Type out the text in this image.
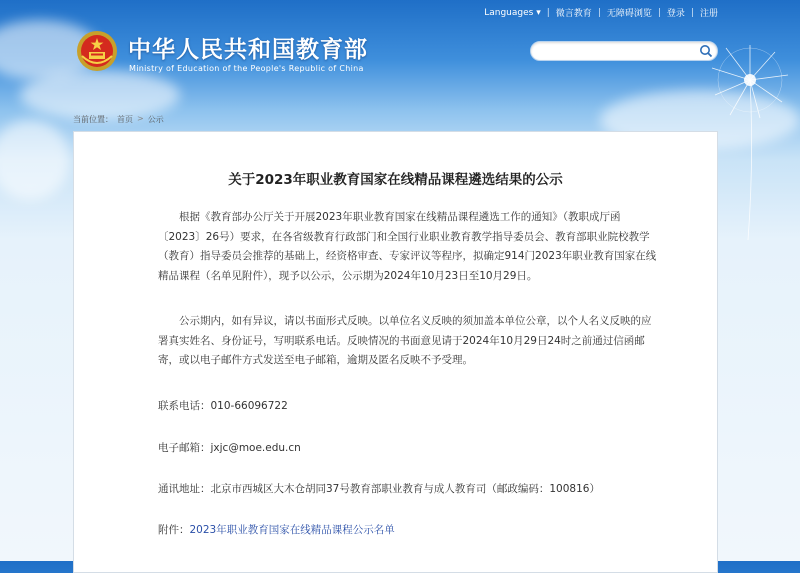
Languages ▾ | 微言教育 | 无障碍浏览 | 登录 | 注册
中华人民共和国教育部
Ministry of Education of the People's Republic of China
当前位置： 首页 > 公示
关于2023年职业教育国家在线精品课程遴选结果的公示

根据《教育部办公厅关于开展2023年职业教育国家在线精品课程遴选工作的通知》（教职成厅函〔2023〕26号）要求，在各省级教育行政部门和全国行业职业教育教学指导委员会、教育部职业院校教学（教育）指导委员会推荐的基础上，经资格审查、专家评议等程序，拟确定914门2023年职业教育国家在线精品课程（名单见附件），现予以公示，公示期为2024年10月23日至10月29日。

公示期内，如有异议，请以书面形式反映。以单位名义反映的须加盖本单位公章，以个人名义反映的应署真实姓名、身份证号，写明联系电话。反映情况的书面意见请于2024年10月29日24时之前通过信函邮寄，或以电子邮件方式发送至电子邮箱，逾期及匿名反映不予受理。

联系电话：010-66096722
电子邮箱：jxjc@moe.edu.cn
通讯地址：北京市西城区大木仓胡同37号教育部职业教育与成人教育司（邮政编码：100816）
附件：2023年职业教育国家在线精品课程公示名单
